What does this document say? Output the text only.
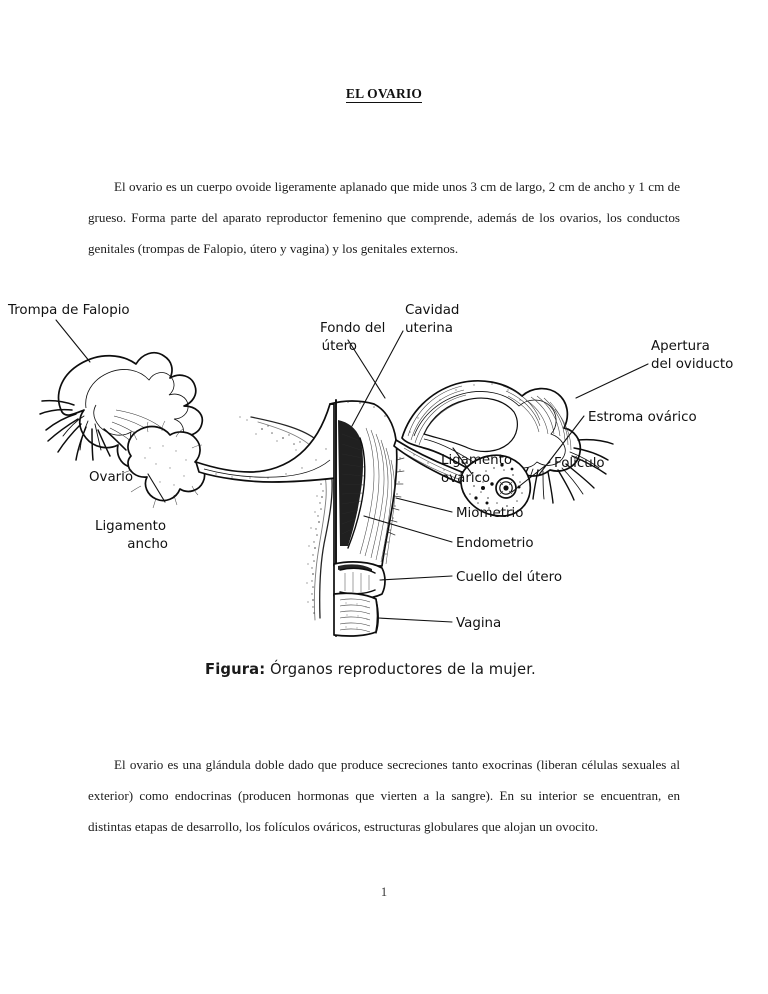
EL OVARIO

El ovario es un cuerpo ovoide ligeramente aplanado que mide unos 3 cm de largo, 2 cm de ancho y 1 cm de grueso. Forma parte del aparato reproductor femenino que comprende, además de los ovarios, los conductos genitales (trompas de Falopio, útero y vagina) y los genitales externos.

Trompa de Falopio
Fondo del
útero
Cavidad
uterina
Apertura
del oviducto
Estroma ovárico
Folículo
Ligamento
ovárico
Ovario
Ligamento
ancho
Miometrio
Endometrio
Cuello del útero
Vagina
Figura: Órganos reproductores de la mujer.

El ovario es una glándula doble dado que produce secreciones tanto exocrinas (liberan células sexuales al exterior) como endocrinas (producen hormonas que vierten a la sangre). En su interior se encuentran, en distintas etapas de desarrollo, los folículos ováricos, estructuras globulares que alojan un ovocito.

1
